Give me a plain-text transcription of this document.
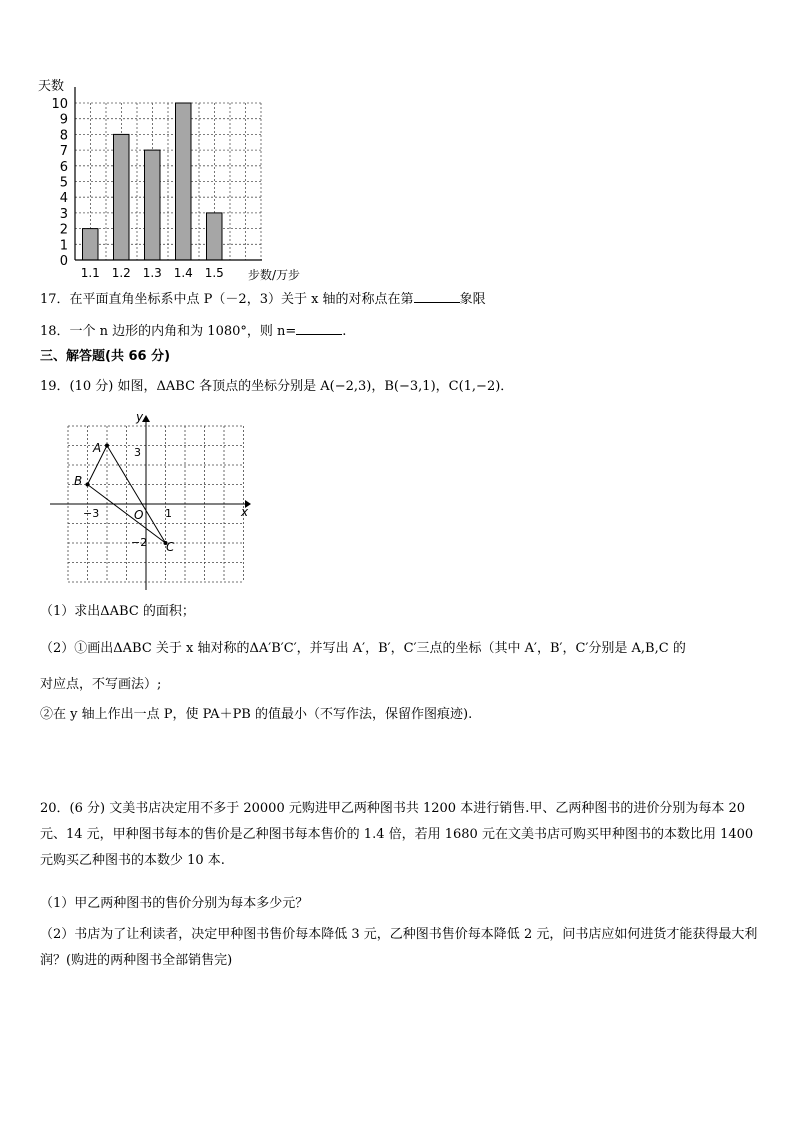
0
1
2
3
4
5
6
7
8
9
10
1.1 1.2 1.3 1.4 1.5
天数
步数/万步
17．在平面直角坐标系中点 P（－2，3）关于 x 轴的对称点在第	象限
18．一个 n 边形的内角和为 1080°，则 n=	.
三、解答题(共 66 分)
19．(10 分) 如图，ΔABC 各顶点的坐标分别是 A(−2,3)，B(−3,1)，C(1,−2)．
y
x
A
B
C
O
3
−3	1
−2
（1）求出ΔABC 的面积；
（2）①画出ΔABC 关于 x 轴对称的ΔA′B′C′，并写出 A′，B′，C′三点的坐标（其中 A′，B′，C′分别是 A,B,C 的
对应点，不写画法）;
②在 y 轴上作出一点 P，使 PA＋PB 的值最小（不写作法，保留作图痕迹).
20．(6 分) 文美书店决定用不多于 20000 元购进甲乙两种图书共 1200 本进行销售.甲、乙两种图书的进价分别为每本 20 元、14 元，甲种图书每本的售价是乙种图书每本售价的 1.4 倍，若用 1680 元在文美书店可购买甲种图书的本数比用 1400 元购买乙种图书的本数少 10 本.
（1）甲乙两种图书的售价分别为每本多少元？
（2）书店为了让利读者，决定甲种图书售价每本降低 3 元，乙种图书售价每本降低 2 元，问书店应如何进货才能获得最大利润？(购进的两种图书全部销售完)
